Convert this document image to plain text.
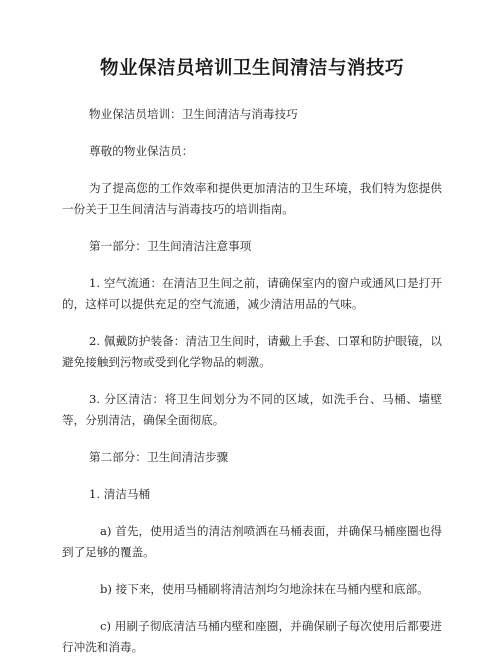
物业保洁员培训卫生间清洁与消技巧

物业保洁员培训：卫生间清洁与消毒技巧

尊敬的物业保洁员：

为了提高您的工作效率和提供更加清洁的卫生环境，我们特为您提供一份关于卫生间清洁与消毒技巧的培训指南。

第一部分：卫生间清洁注意事项

1. 空气流通：在清洁卫生间之前，请确保室内的窗户或通风口是打开的，这样可以提供充足的空气流通，减少清洁用品的气味。

2. 佩戴防护装备：清洁卫生间时，请戴上手套、口罩和防护眼镜，以避免接触到污物或受到化学物品的刺激。

3. 分区清洁：将卫生间划分为不同的区域，如洗手台、马桶、墙壁等，分别清洁，确保全面彻底。

第二部分：卫生间清洁步骤

1. 清洁马桶

a) 首先，使用适当的清洁剂喷洒在马桶表面，并确保马桶座圈也得到了足够的覆盖。

b) 接下来，使用马桶刷将清洁剂均匀地涂抹在马桶内壁和底部。

c) 用刷子彻底清洁马桶内壁和座圈，并确保刷子每次使用后都要进行冲洗和消毒。
